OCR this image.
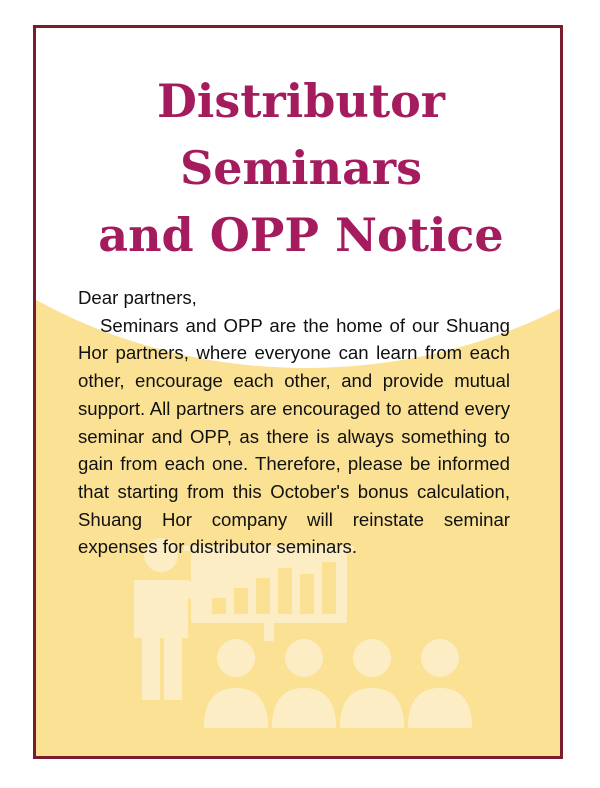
Distributor
Seminars
and OPP Notice

Dear partners,

Seminars and OPP are the home of our Shuang Hor partners, where everyone can learn from each other, encourage each other, and provide mutual support. All partners are encouraged to attend every seminar and OPP, as there is always something to gain from each one. Therefore, please be informed that starting from this October's bonus calculation, Shuang Hor company will reinstate seminar expenses for distributor seminars.
